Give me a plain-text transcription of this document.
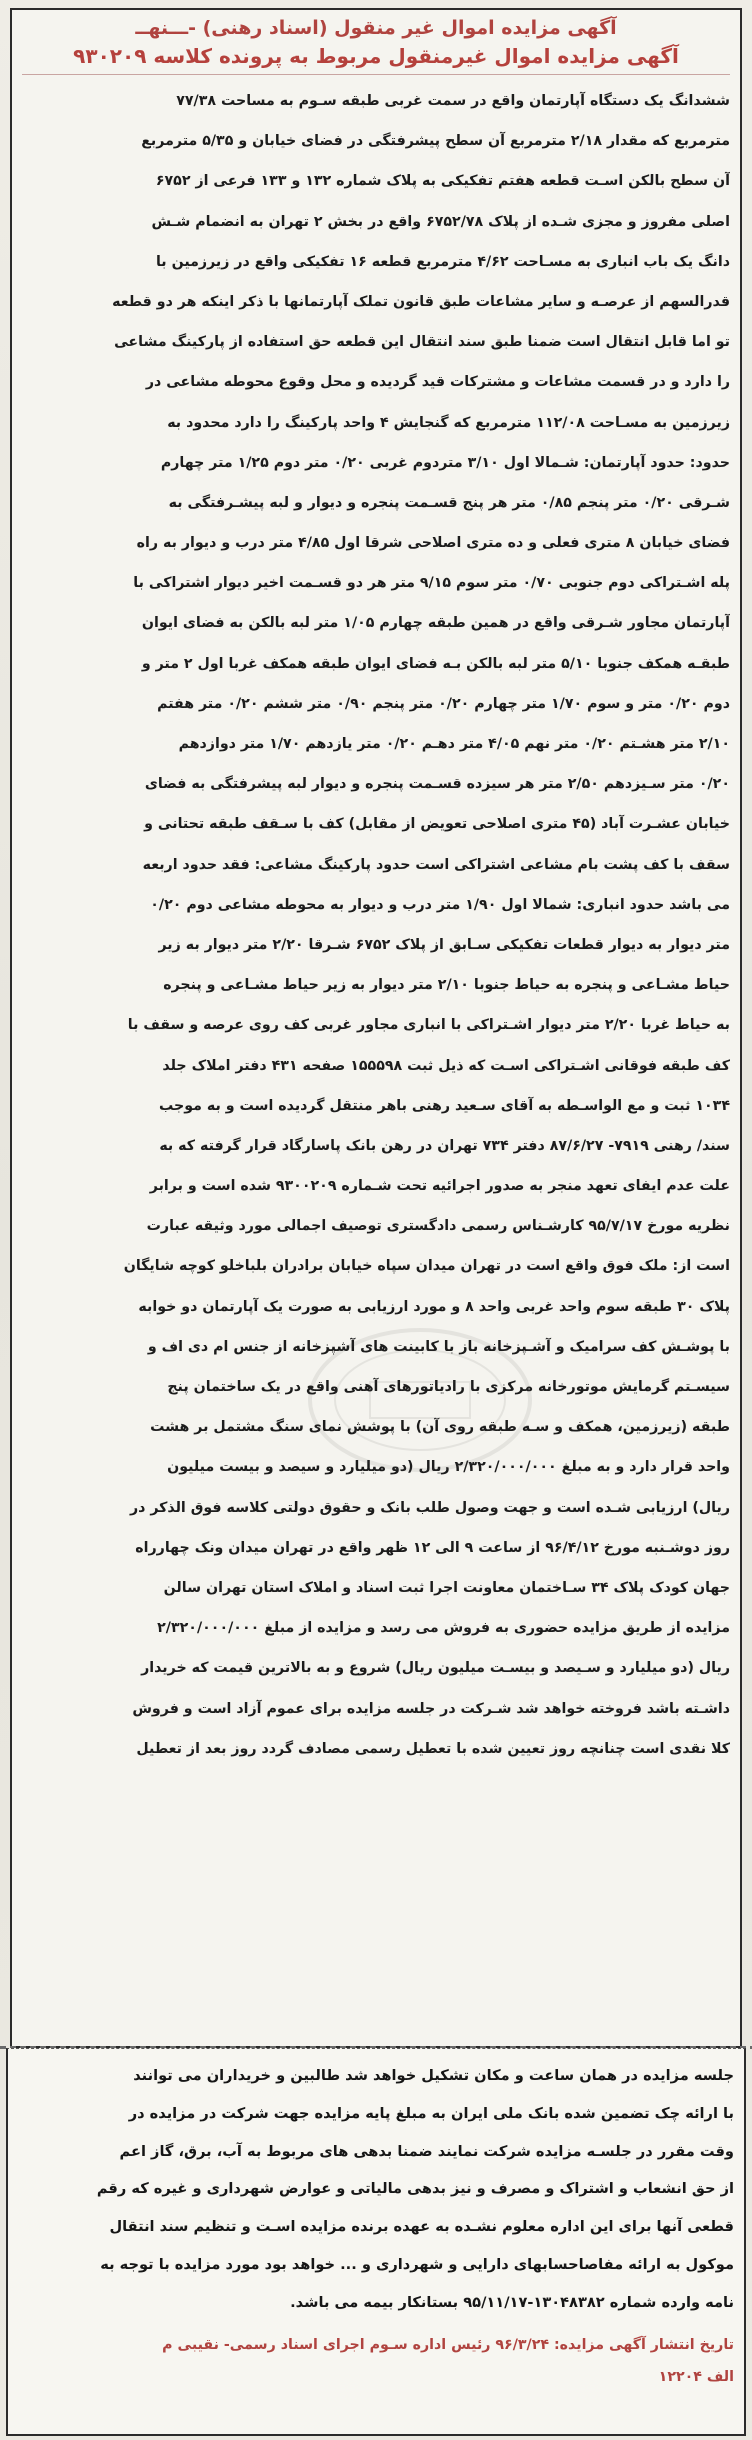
آگهی مزایده اموال غیر منقول (اسناد رهنی) -ـــنهــ
آگهی مزایده اموال غیرمنقول مربوط به پرونده کلاسه ۹۳۰۲۰۹
ششدانگ یک دستگاه آپارتمان واقع در سمت غربی طبقه سـوم به مساحت ۷۷/۳۸
مترمربع که مقدار ۲/۱۸ مترمربع آن سطح پیشرفتگی در فضای خیابان و ۵/۳۵ مترمربع
آن سطح بالکن اسـت قطعه هفتم تفکیکی به پلاک شماره ۱۳۲ و ۱۳۳ فرعی از ۶۷۵۲
اصلی مفروز و مجزی شـده از پلاک ۶۷۵۲/۷۸ واقع در بخش ۲ تهران به انضمام شـش
دانگ یک باب انباری به مسـاحت ۴/۶۲ مترمربع قطعه ۱۶ تفکیکی واقع در زیرزمین با
قدرالسهم از عرصـه و سایر مشاعات طبق قانون تملک آپارتمانها با ذکر اینکه هر دو قطعه
تو اما قابل انتقال است ضمنا طبق سند انتقال این قطعه حق استفاده از پارکینگ مشاعی
را دارد و در قسمت مشاعات و مشترکات قید گردیده و محل وقوع محوطه مشاعی در
زیرزمین به مسـاحت ۱۱۲/۰۸ مترمربع که گنجایش ۴ واحد پارکینگ را دارد محدود به
حدود: حدود آپارتمان: شـمالا اول ۳/۱۰ متردوم غربی ۰/۲۰ متر دوم ۱/۲۵ متر چهارم
شـرقی ۰/۲۰ متر پنجم ۰/۸۵ متر هر پنج قسـمت پنجره و دیوار و لبه پیشـرفتگی به
فضای خیابان ۸ متری فعلی و ده متری اصلاحی شرقا اول ۴/۸۵ متر درب و دیوار به راه
پله اشـتراکی دوم جنوبی ۰/۷۰ متر سوم ۹/۱۵ متر هر دو قسـمت اخیر دیوار اشتراکی با
آپارتمان مجاور شـرقی واقع در همین طبقه چهارم ۱/۰۵ متر لبه بالکن به فضای ایوان
طبقـه همکف جنوبا ۵/۱۰ متر لبه بالکن بـه فضای ایوان طبقه همکف غربا اول ۲ متر و
دوم ۰/۲۰ متر و سوم ۱/۷۰ متر چهارم ۰/۲۰ متر پنجم ۰/۹۰ متر ششم ۰/۲۰ متر هفتم
۲/۱۰ متر هشـتم ۰/۲۰ متر نهم ۴/۰۵ متر دهـم ۰/۲۰ متر یازدهم ۱/۷۰ متر دوازدهم
۰/۲۰ متر سـیزدهم ۲/۵۰ متر هر سیزده قسـمت پنجره و دیوار لبه پیشرفتگی به فضای
خیابان عشـرت آباد (۴۵ متری اصلاحی تعویض از مقابل) کف با سـقف طبقه تحتانی و
سقف با کف پشت بام مشاعی اشتراکی است حدود پارکینگ مشاعی: فقد حدود اربعه
می باشد حدود انباری: شمالا اول ۱/۹۰ متر درب و دیوار به محوطه مشاعی دوم ۰/۲۰
متر دیوار به دیوار قطعات تفکیکی سـابق از پلاک ۶۷۵۲ شـرقا ۲/۲۰ متر دیوار به زیر
حیاط مشـاعی و پنجره به حیاط جنوبا ۲/۱۰ متر دیوار به زیر حیاط مشـاعی و پنجره
به حیاط غربا ۲/۲۰ متر دیوار اشـتراکی با انباری مجاور غربی کف روی عرصه و سقف با
کف طبقه فوقانی اشـتراکی اسـت که ذیل ثبت ۱۵۵۵۹۸ صفحه ۴۳۱ دفتر املاک جلد
۱۰۳۴ ثبت و مع الواسـطه به آقای سـعید رهنی باهر منتقل گردیده است و به موجب
سند/ رهنی ۷۹۱۹- ۸۷/۶/۲۷ دفتر ۷۳۴ تهران در رهن بانک پاسارگاد قرار گرفته که به
علت عدم ایفای تعهد منجر به صدور اجرائیه تحت شـماره ۹۳۰۰۲۰۹ شده است و برابر
نظریه مورخ ۹۵/۷/۱۷ کارشـناس رسمی دادگستری توصیف اجمالی مورد وثیقه عبارت
است از: ملک فوق واقع است در تهران میدان سپاه خیابان برادران بلباخلو کوچه شایگان
پلاک ۳۰ طبقه سوم واحد غربی واحد ۸ و مورد ارزیابی به صورت یک آپارتمان دو خوابه
با پوشـش کف سرامیک و آشـپزخانه باز با کابینت های آشپزخانه از جنس ام دی اف و
سیسـتم گرمایش موتورخانه مرکزی با رادیاتورهای آهنی واقع در یک ساختمان پنج
طبقه (زیرزمین، همکف و سـه طبقه روی آن) با پوشش نمای سنگ مشتمل بر هشت
واحد قرار دارد و به مبلغ ۲/۳۲۰/۰۰۰/۰۰۰ ریال (دو میلیارد و سیصد و بیست میلیون
ریال) ارزیابی شـده است و جهت وصول طلب بانک و حقوق دولتی کلاسه فوق الذکر در
روز دوشـنبه مورخ ۹۶/۴/۱۲ از ساعت ۹ الی ۱۲ ظهر واقع در تهران میدان ونک چهارراه
جهان کودک پلاک ۳۴ سـاختمان معاونت اجرا ثبت اسناد و املاک استان تهران سالن
مزایده از طریق مزایده حضوری به فروش می رسد و مزایده از مبلغ ۲/۳۲۰/۰۰۰/۰۰۰
ریال (دو میلیارد و سـیصد و بیسـت میلیون ریال) شروع و به بالاترین قیمت که خریدار
داشـته باشد فروخته خواهد شد شـرکت در جلسه مزایده برای عموم آزاد است و فروش
کلا نقدی است چنانچه روز تعیین شده با تعطیل رسمی مصادف گردد روز بعد از تعطیل
جلسه مزایده در همان ساعت و مکان تشکیل خواهد شد طالبین و خریداران می توانند
با ارائه چک تضمین شده بانک ملی ایران به مبلغ پایه مزایده جهت شرکت در مزایده در
وقت مقرر در جلسـه مزایده شرکت نمایند ضمنا بدهی های مربوط به آب، برق، گاز اعم
از حق انشعاب و اشتراک و مصرف و نیز بدهی مالیاتی و عوارض شهرداری و غیره که رقم
قطعی آنها برای این اداره معلوم نشـده به عهده برنده مزایده اسـت و تنظیم سند انتقال
موکول به ارائه مفاصاحسابهای دارایی و شهرداری و ... خواهد بود مورد مزایده با توجه به
نامه وارده شماره ۱۳۰۴۸۳۸۲-۹۵/۱۱/۱۷ بستانکار بیمه می باشد.
تاریخ انتشار آگهی مزایده: ۹۶/۳/۲۴ رئیس اداره سـوم اجرای اسناد رسمی- نقیبی م
الف ۱۲۲۰۴
